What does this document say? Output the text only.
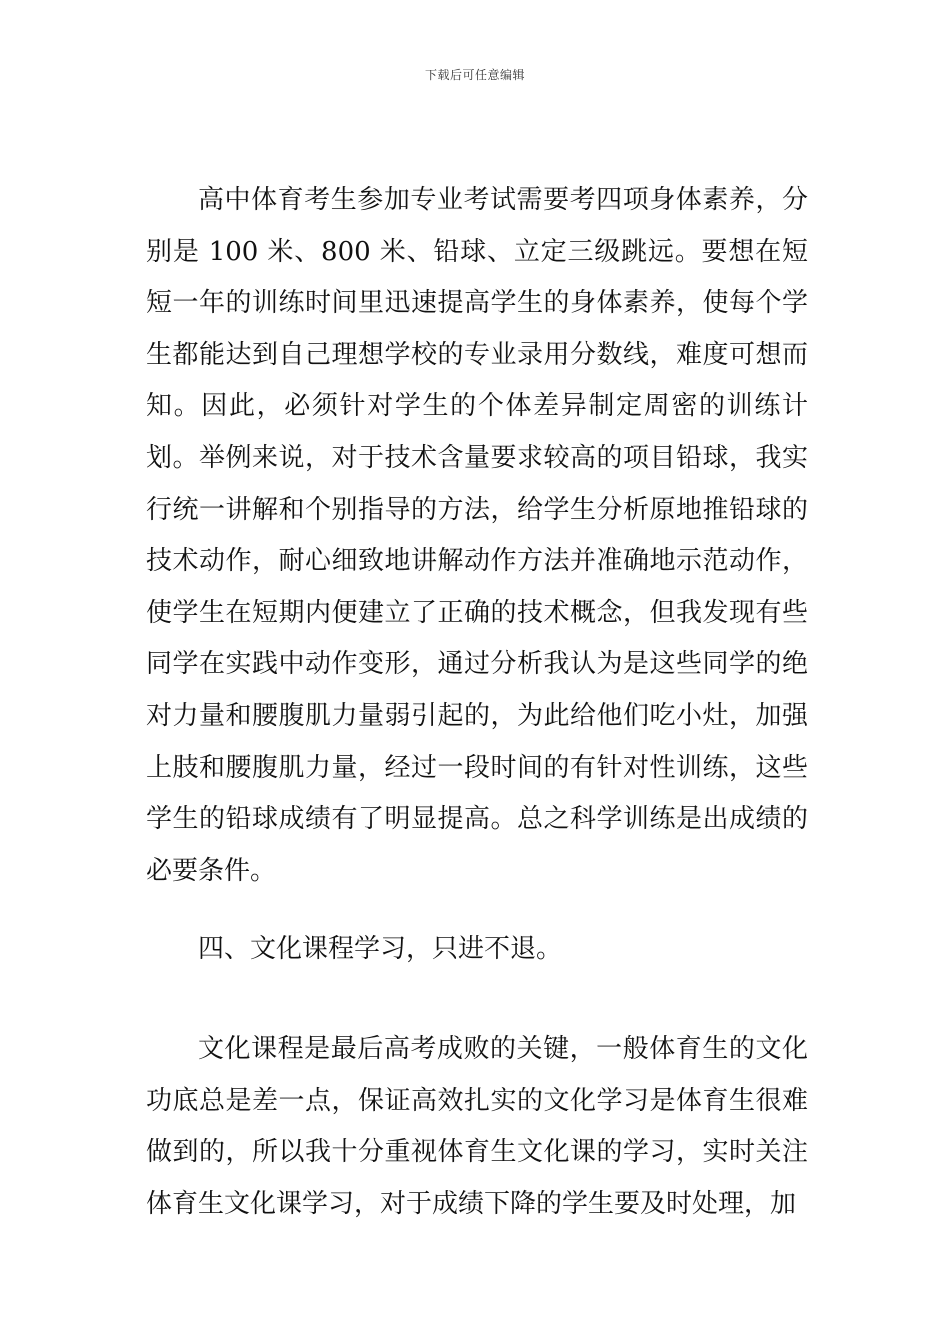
下载后可任意编辑

高中体育考生参加专业考试需要考四项身体素养，分别是 100 米、800 米、铅球、立定三级跳远。要想在短短一年的训练时间里迅速提高学生的身体素养，使每个学生都能达到自己理想学校的专业录用分数线，难度可想而知。因此，必须针对学生的个体差异制定周密的训练计划。举例来说，对于技术含量要求较高的项目铅球，我实行统一讲解和个别指导的方法，给学生分析原地推铅球的技术动作，耐心细致地讲解动作方法并准确地示范动作，使学生在短期内便建立了正确的技术概念，但我发现有些同学在实践中动作变形，通过分析我认为是这些同学的绝对力量和腰腹肌力量弱引起的，为此给他们吃小灶，加强上肢和腰腹肌力量，经过一段时间的有针对性训练，这些学生的铅球成绩有了明显提高。总之科学训练是出成绩的必要条件。

四、文化课程学习，只进不退。

文化课程是最后高考成败的关键，一般体育生的文化功底总是差一点，保证高效扎实的文化学习是体育生很难做到的，所以我十分重视体育生文化课的学习，实时关注体育生文化课学习，对于成绩下降的学生要及时处理，加
